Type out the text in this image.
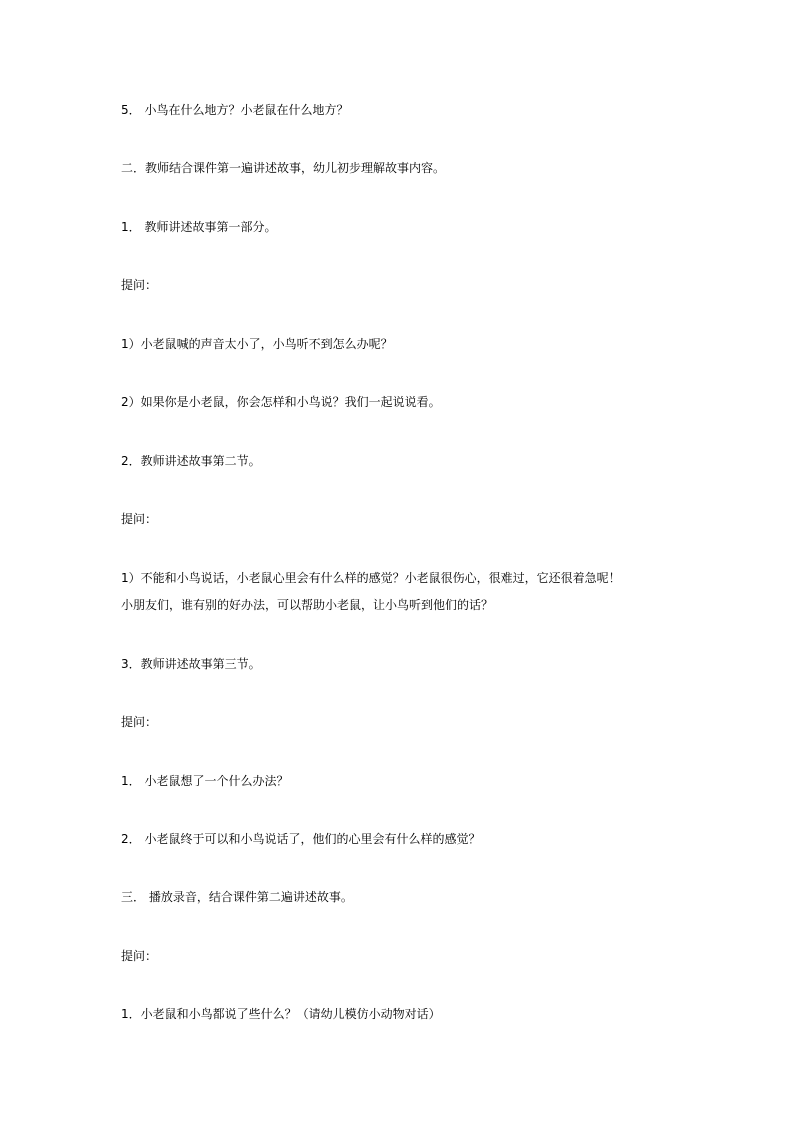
5． 小鸟在什么地方？小老鼠在什么地方？
二．教师结合课件第一遍讲述故事，幼儿初步理解故事内容。
1． 教师讲述故事第一部分。
提问：
1）小老鼠喊的声音太小了，小鸟听不到怎么办呢？
2）如果你是小老鼠，你会怎样和小鸟说？我们一起说说看。
2．教师讲述故事第二节。
提问：
1）不能和小鸟说话，小老鼠心里会有什么样的感觉？小老鼠很伤心，很难过，它还很着急呢！
小朋友们，谁有别的好办法，可以帮助小老鼠，让小鸟听到他们的话？
3．教师讲述故事第三节。
提问：
1． 小老鼠想了一个什么办法？
2． 小老鼠终于可以和小鸟说话了，他们的心里会有什么样的感觉？
三． 播放录音，结合课件第二遍讲述故事。
提问：
1．小老鼠和小鸟都说了些什么？（请幼儿模仿小动物对话）
